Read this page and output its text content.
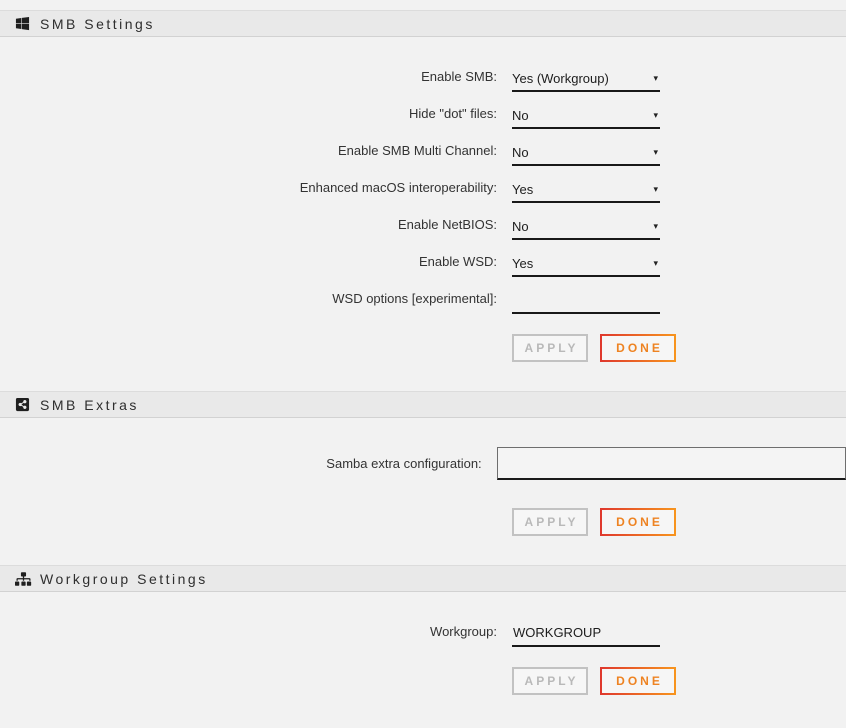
SMB Settings
Enable SMB: Yes (Workgroup)	▾
Hide "dot" files: No	▾
Enable SMB Multi Channel: No	▾
Enhanced macOS interoperability: Yes	▾
Enable NetBIOS: No	▾
Enable WSD: Yes	▾
WSD options [experimental]:
APPLY	DONE
SMB Extras
Samba extra configuration:
APPLY	DONE
Workgroup Settings
Workgroup:
WORKGROUP
APPLY	DONE
